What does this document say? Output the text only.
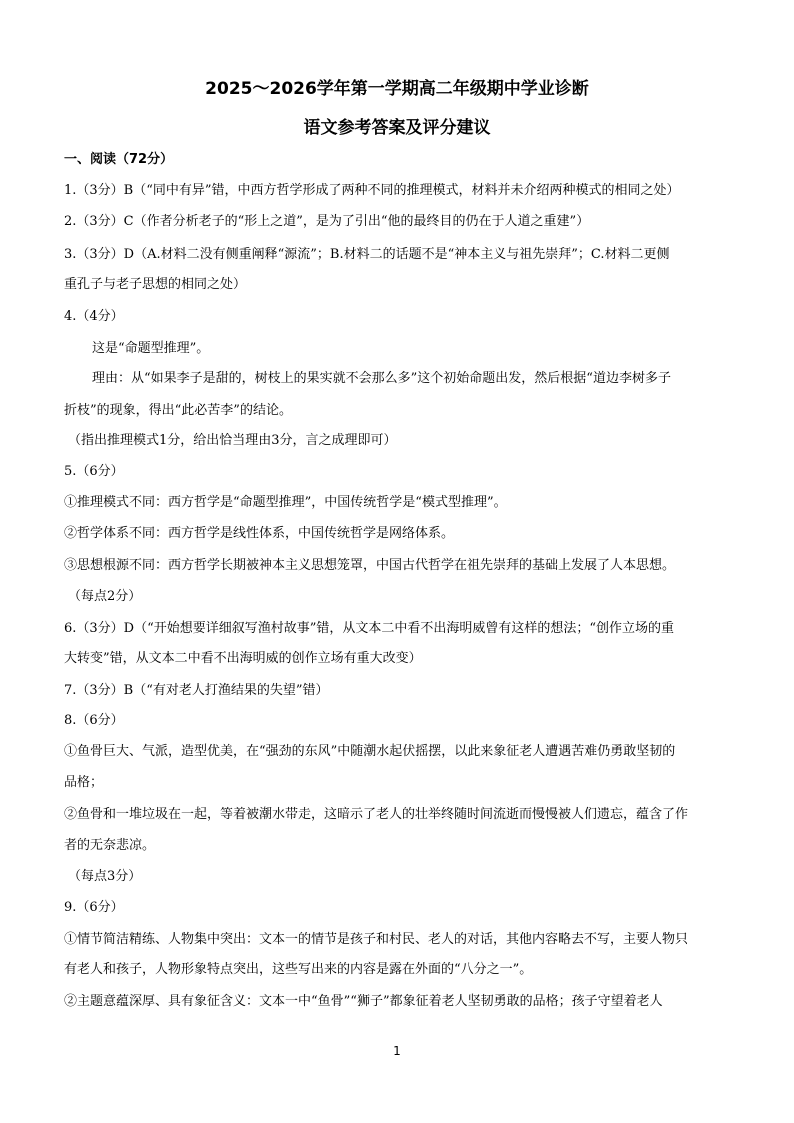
2025～2026学年第一学期高二年级期中学业诊断
语文参考答案及评分建议
一、阅读（72分）
1.（3分）B（“同中有异”错，中西方哲学形成了两种不同的推理模式，材料并未介绍两种模式的相同之处）
2.（3分）C（作者分析老子的“形上之道”，是为了引出“他的最终目的仍在于人道之重建”）
3.（3分）D（A.材料二没有侧重阐释“源流”；B.材料二的话题不是“神本主义与祖先崇拜”；C.材料二更侧
重孔子与老子思想的相同之处）
4.（4分）
这是“命题型推理”。
理由：从“如果李子是甜的，树枝上的果实就不会那么多”这个初始命题出发，然后根据“道边李树多子
折枝”的现象，得出“此必苦李”的结论。
（指出推理模式1分，给出恰当理由3分，言之成理即可）
5.（6分）
①推理模式不同：西方哲学是“命题型推理”，中国传统哲学是“模式型推理”。
②哲学体系不同：西方哲学是线性体系，中国传统哲学是网络体系。
③思想根源不同：西方哲学长期被神本主义思想笼罩，中国古代哲学在祖先崇拜的基础上发展了人本思想。
（每点2分）
6.（3分）D（“开始想要详细叙写渔村故事”错，从文本二中看不出海明威曾有这样的想法；“创作立场的重
大转变”错，从文本二中看不出海明威的创作立场有重大改变）
7.（3分）B（“有对老人打渔结果的失望”错）
8.（6分）
①鱼骨巨大、气派，造型优美，在“强劲的东风”中随潮水起伏摇摆，以此来象征老人遭遇苦难仍勇敢坚韧的
品格；
②鱼骨和一堆垃圾在一起，等着被潮水带走，这暗示了老人的壮举终随时间流逝而慢慢被人们遗忘，蕴含了作
者的无奈悲凉。
（每点3分）
9.（6分）
①情节简洁精练、人物集中突出：文本一的情节是孩子和村民、老人的对话，其他内容略去不写，主要人物只
有老人和孩子，人物形象特点突出，这些写出来的内容是露在外面的“八分之一”。
②主题意蕴深厚、具有象征含义：文本一中“鱼骨”“狮子”都象征着老人坚韧勇敢的品格；孩子守望着老人
1
